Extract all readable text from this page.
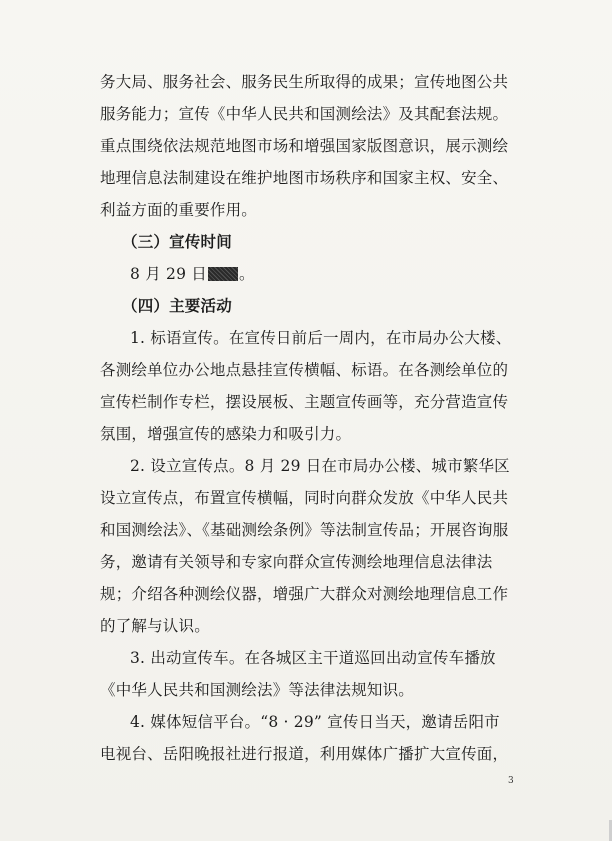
务大局、服务社会、服务民生所取得的成果；宣传地图公共
服务能力；宣传《中华人民共和国测绘法》及其配套法规。
重点围绕依法规范地图市场和增强国家版图意识，展示测绘
地理信息法制建设在维护地图市场秩序和国家主权、安全、
利益方面的重要作用。
（三）宣传时间
8 月 29 日 。
（四）主要活动
1. 标语宣传。在宣传日前后一周内，在市局办公大楼、
各测绘单位办公地点悬挂宣传横幅、标语。在各测绘单位的
宣传栏制作专栏，摆设展板、主题宣传画等，充分营造宣传
氛围，增强宣传的感染力和吸引力。
2. 设立宣传点。8 月 29 日在市局办公楼、城市繁华区
设立宣传点，布置宣传横幅，同时向群众发放《中华人民共
和国测绘法》、《基础测绘条例》等法制宣传品；开展咨询服
务，邀请有关领导和专家向群众宣传测绘地理信息法律法
规；介绍各种测绘仪器，增强广大群众对测绘地理信息工作
的了解与认识。
3. 出动宣传车。在各城区主干道巡回出动宣传车播放
《中华人民共和国测绘法》等法律法规知识。
4. 媒体短信平台。“8 · 29” 宣传日当天，邀请岳阳市
电视台、岳阳晚报社进行报道，利用媒体广播扩大宣传面，
3
